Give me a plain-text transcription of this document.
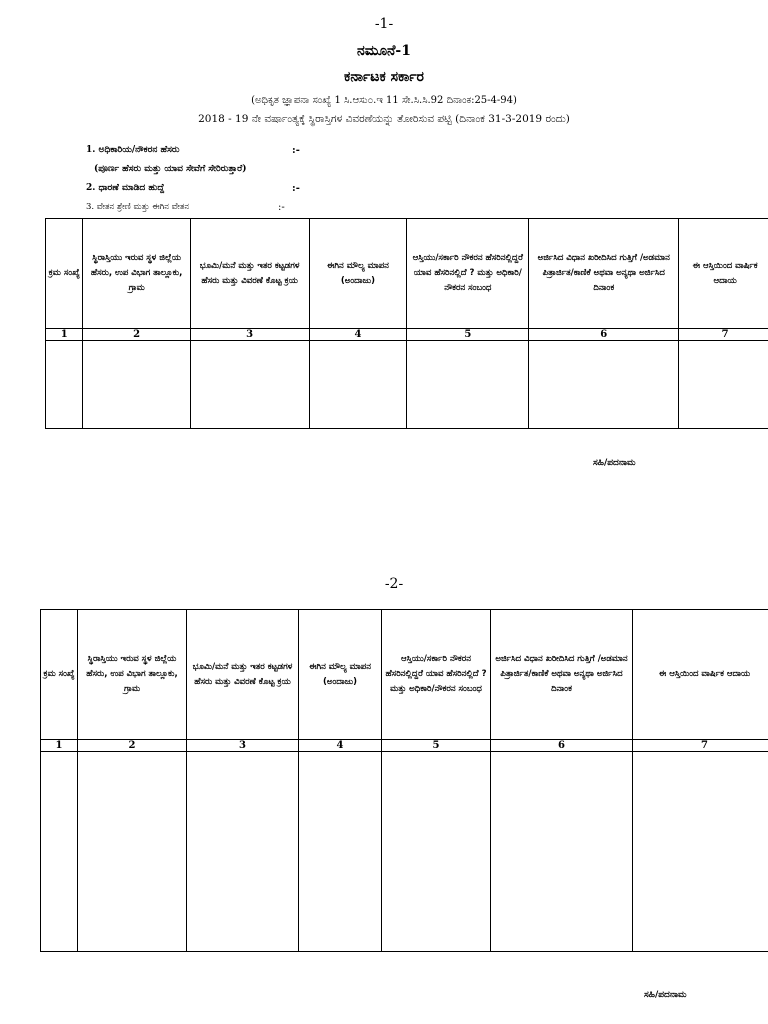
-1-
ನಮೂನೆ-1
ಕರ್ನಾಟಕ ಸರ್ಕಾರ
(ಅಧಿಕೃತ ಜ್ಞಾಪನಾ ಸಂಖ್ಯೆ 1 ಸಿ.ಆಸು೦.ಇ 11 ಸೇ.ಸಿ.ಸಿ.92 ದಿನಾಂಕ:25-4-94)
2018 - 19 ನೇ ವರ್ಷಾಂತ್ಯಕ್ಕೆ ಸ್ಥಿರಾಸ್ತಿಗಳ ವಿವರಣೆಯನ್ನು ತೋರಿಸುವ ಪಟ್ಟಿ (ದಿನಾಂಕ 31-3-2019 ರಂದು)
1. ಅಧಿಕಾರಿಯ/ನೌಕರನ ಹೆಸರು	:-
(ಪೂರ್ಣ ಹೆಸರು ಮತ್ತು ಯಾವ ಸೇವೆಗೆ ಸೇರಿರುತ್ತಾರೆ)
2. ಧಾರಣೆ ಮಾಡಿದ ಹುದ್ದೆ	:-
3. ವೇತನ ಶ್ರೇಣಿ ಮತ್ತು ಈಗಿನ ವೇತನ	:-
ಕ್ರಮ ಸಂಖ್ಯೆ	ಸ್ಥಿರಾಸ್ತಿಯು ಇರುವ ಸ್ಥಳ ಜಿಲ್ಲೆಯ ಹೆಸರು, ಉಪ ವಿಭಾಗ ತಾಲ್ಲೂಕು, ಗ್ರಾಮ	ಭೂಮಿ/ಮನೆ ಮತ್ತು ಇತರ ಕಟ್ಟಡಗಳ ಹೆಸರು ಮತ್ತು ವಿವರಣೆ ಕೊಟ್ಟ ಕ್ರಯ	ಈಗಿನ ಮೌಲ್ಯ ಮಾಪನ (ಅಂದಾಜು)	ಆಸ್ತಿಯು/ಸರ್ಕಾರಿ ನೌಕರನ ಹೆಸರಿನಲ್ಲಿದ್ದರೆ ಯಾವ ಹೆಸರಿನಲ್ಲಿದೆ ? ಮತ್ತು ಅಧಿಕಾರಿ/ನೌಕರನ ಸಂಬಂಧ	ಅರ್ಜಿಸಿದ ವಿಧಾನ ಖರೀದಿಸಿದ ಗುತ್ತಿಗೆ /ಅಡಮಾನ ಪಿತ್ರಾರ್ಜಿತ/ಕಾಣಿಕೆ ಅಥವಾ ಅನ್ಯಥಾ ಅರ್ಜಿಸಿದ ದಿನಾಂಕ	ಈ ಆಸ್ತಿಯಿಂದ ವಾರ್ಷಿಕ ಆದಾಯ
1	2	3	4	5	6	7

ಸಹಿ/ಪದನಾಮ
-2-
ಕ್ರಮ ಸಂಖ್ಯೆ	ಸ್ಥಿರಾಸ್ತಿಯು ಇರುವ ಸ್ಥಳ ಜಿಲ್ಲೆಯ ಹೆಸರು, ಉಪ ವಿಭಾಗ ತಾಲ್ಲೂಕು, ಗ್ರಾಮ	ಭೂಮಿ/ಮನೆ ಮತ್ತು ಇತರ ಕಟ್ಟಡಗಳ ಹೆಸರು ಮತ್ತು ವಿವರಣೆ ಕೊಟ್ಟ ಕ್ರಯ	ಈಗಿನ ಮೌಲ್ಯ ಮಾಪನ (ಅಂದಾಜು)	ಆಸ್ತಿಯು/ಸರ್ಕಾರಿ ನೌಕರನ ಹೆಸರಿನಲ್ಲಿದ್ದರೆ ಯಾವ ಹೆಸರಿನಲ್ಲಿದೆ ? ಮತ್ತು ಅಧಿಕಾರಿ/ನೌಕರನ ಸಂಬಂಧ	ಅರ್ಜಿಸಿದ ವಿಧಾನ ಖರೀದಿಸಿದ ಗುತ್ತಿಗೆ /ಅಡಮಾನ ಪಿತ್ರಾರ್ಜಿತ/ಕಾಣಿಕೆ ಅಥವಾ ಅನ್ಯಥಾ ಅರ್ಜಿಸಿದ ದಿನಾಂಕ	ಈ ಆಸ್ತಿಯಿಂದ ವಾರ್ಷಿಕ ಆದಾಯ
1	2	3	4	5	6	7

ಸಹಿ/ಪದನಾಮ
